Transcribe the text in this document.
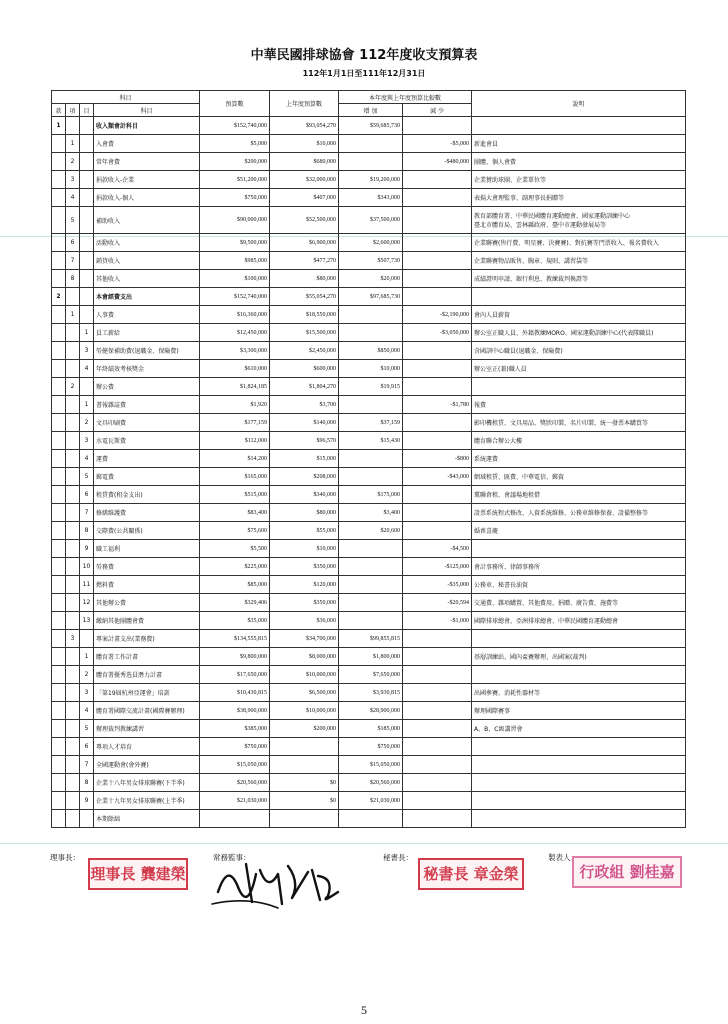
中華民國排球協會 112年度收支預算表
112年1月1日至111年12月31日
科目				預算數	上年度預算數	本年度與上年度預算比較數		說明
款	項	目	科目			增 加	減 少	
1			收入類會計科目	$152,740,000	$93,054,270	$59,685,730		

	1		入會費	$5,000	$10,000		-$5,000	新進會員

	2		常年會費	$200,000	$680,000		-$480,000	團體、個人會費

	3		捐款收入-企業	$51,200,000	$32,000,000	$19,200,000		企業贊助球團、企業單位等

	4		捐款收入-個人	$750,000	$407,000	$343,000		表揚大會理監事、副理事長捐贈等

	5		補助收入	$90,000,000	$52,500,000	$37,500,000		教育部體育署、中華民國體育運動總會、國家運動訓練中心
臺北市體育局、雲林縣政府、臺中市運動發展局等

	6		活動收入	$9,500,000	$6,900,000	$2,600,000		企業聯賽(售行費、明星賽、決賽賽)、對抗賽等門票收入、報名費收入

	7		銷貨收入	$985,000	$477,270	$507,730		企業聯賽物品販售、胸章、規則、講習袋等

	8		其他收入	$100,000	$80,000	$20,000		成績證明申請、銀行利息、教練裁判換證等

2			本會經費支出	$152,740,000	$55,054,270	$97,685,730		

	1		人事費	$16,360,000	$18,550,000		-$2,190,000	會內人員薪資

		1	員工薪給	$12,450,000	$15,500,000		-$3,050,000	辦公室正職人員、外籍教練MORO、國家運動訓練中心(代表隊職員)

		3	勞健保補助費(退職金、保險費)	$3,300,000	$2,450,000	$850,000		含國訓中心職員(退職金、保險費)

		4	年終績效考核獎金	$610,000	$600,000	$10,000		辦公室正(兼)職人員

	2		辦公費	$1,824,185	$1,804,270	$19,915		

		1	書報雜誌費	$1,920	$3,700		-$1,780	報費

		2	文具印刷費	$177,159	$140,000	$37,159		影印機租賃、文具用品、獎狀印製、名片印製、統一發票本購買等

		3	水電瓦斯費	$112,000	$96,570	$15,430		體育聯合辦公大樓

		4	運費	$14,200	$15,000		-$800	系統運費

		5	郵電費	$165,000	$208,000		-$43,000	網域租賃、匯費、中華電信、郵資

		6	租賃費(租金支出)	$515,000	$340,000	$175,000		冀聯倉租、會議場地租借

		7	修繕維護費	$83,400	$80,000	$3,400		設票系統程式修改、人資系統維修、公務車維修保養、設備整修等

		8	交際費(公共關係)	$75,600	$55,000	$20,600		婚喪喜慶

		9	職工福利	$5,500	$10,000		-$4,500	

		10	勞務費	$225,000	$350,000		-$125,000	會計事務所、律師事務所

		11	燃料費	$85,000	$120,000		-$35,000	公務車、秘書長油資

		12	其他辦公費	$329,406	$350,000		-$20,594	交通費、雜項購置、其他費用、捐贈、廣告費、施費等

		13	繳納其他團體會費	$35,000	$36,000		-$1,000	國際排球總會、亞洲排球總會、中華民國體育運動總會

	3		專案計畫支出(業務費)	$134,555,815	$34,700,000	$99,855,815		

		1	體育署工作計畫	$9,800,000	$8,000,000	$1,800,000		基層訓練站、國內盃賽辦理、出國案(裁判)

		2	體育署優秀选員潛力計畫	$17,650,000	$10,000,000	$7,650,000		

		3	「第19屆杭州亞運會」培訓	$10,430,815	$6,500,000	$3,930,815		出國參賽、消耗性器材等

		4	體育署國際交流計畫(國際賽辦理)	$38,900,000	$10,000,000	$28,900,000		辦理國際賽事

		5	辦理裁判教練講習	$385,000	$200,000	$185,000		A、B、C級講習會

		6	專項人才培育	$750,000		$750,000		

		7	全國運動會(會外賽)	$15,050,000		$15,050,000		

		8	企業十八年男女排球聯賽(下半季)	$20,560,000	$0	$20,560,000		

		9	企業十九年男女排球聯賽(上半季)	$21,030,000	$0	$21,030,000		

			本期餘絀					
理事長：
理事長 龔建榮
常務監事：	秘書長：
秘書長 章金榮
製表人：
行政組 劉桂嘉
5
